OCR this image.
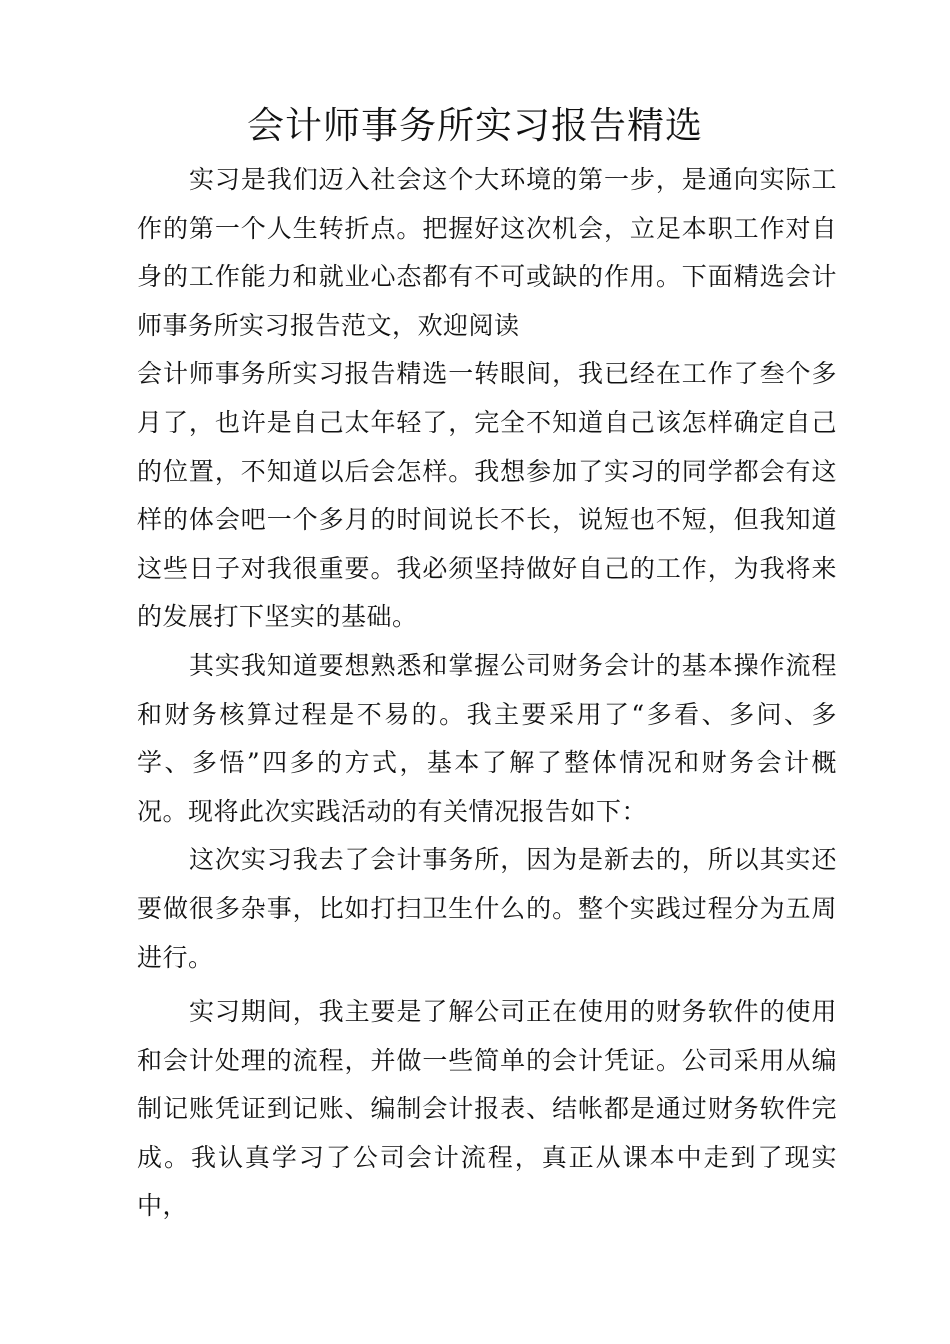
会计师事务所实习报告精选

实习是我们迈入社会这个大环境的第一步，是通向实际工作的第一个人生转折点。把握好这次机会，立足本职工作对自身的工作能力和就业心态都有不可或缺的作用。下面精选会计师事务所实习报告范文，欢迎阅读

会计师事务所实习报告精选一转眼间，我已经在工作了叁个多月了，也许是自己太年轻了，完全不知道自己该怎样确定自己的位置，不知道以后会怎样。我想参加了实习的同学都会有这样的体会吧一个多月的时间说长不长，说短也不短，但我知道这些日子对我很重要。我必须坚持做好自己的工作，为我将来的发展打下坚实的基础。

其实我知道要想熟悉和掌握公司财务会计的基本操作流程和财务核算过程是不易的。我主要采用了“多看、多问、多学、多悟”四多的方式，基本了解了整体情况和财务会计概况。现将此次实践活动的有关情况报告如下：

这次实习我去了会计事务所，因为是新去的，所以其实还要做很多杂事，比如打扫卫生什么的。整个实践过程分为五周进行。

实习期间，我主要是了解公司正在使用的财务软件的使用和会计处理的流程，并做一些简单的会计凭证。公司采用从编制记账凭证到记账、编制会计报表、结帐都是通过财务软件完成。我认真学习了公司会计流程，真正从课本中走到了现实中，
